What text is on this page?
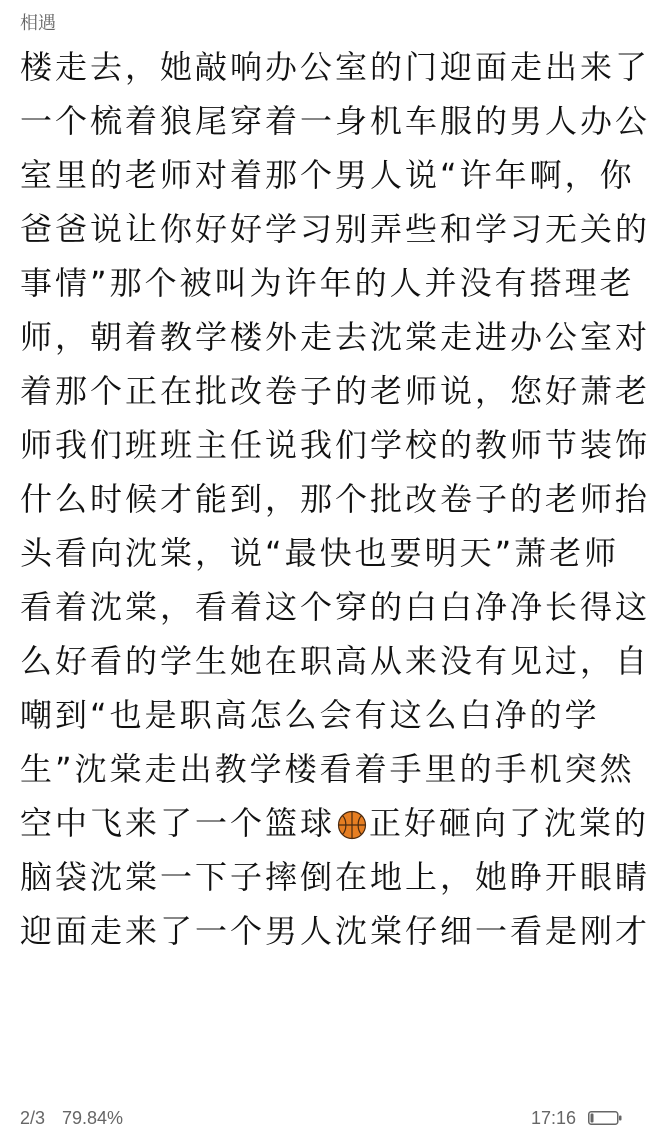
相遇
楼走去，她敲响办公室的门迎面走出来了
一个梳着狼尾穿着一身机车服的男人办公
室里的老师对着那个男人说“许年啊，你
爸爸说让你好好学习别弄些和学习无关的
事情”那个被叫为许年的人并没有搭理老
师，朝着教学楼外走去沈棠走进办公室对
着那个正在批改卷子的老师说，您好萧老
师我们班班主任说我们学校的教师节装饰
什么时候才能到，那个批改卷子的老师抬
头看向沈棠，说“最快也要明天”萧老师
看着沈棠，看着这个穿的白白净净长得这
么好看的学生她在职高从来没有见过，自
嘲到“也是职高怎么会有这么白净的学
生”沈棠走出教学楼看着手里的手机突然
空中飞来了一个篮球 正好砸向了沈棠的
脑袋沈棠一下子摔倒在地上，她睁开眼睛
迎面走来了一个男人沈棠仔细一看是刚才
2/3 79.84%	17:16
